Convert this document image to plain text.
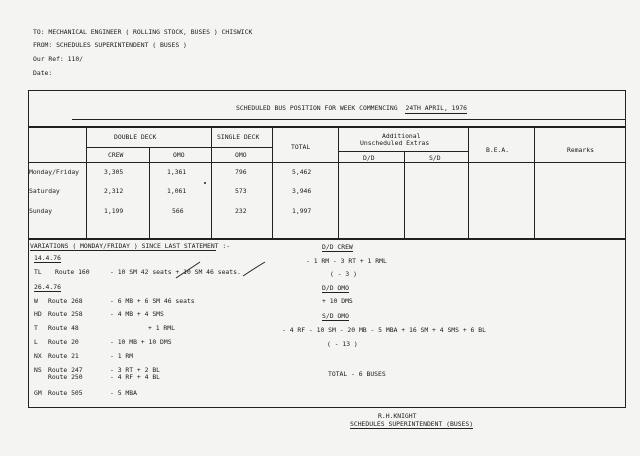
TO: MECHANICAL ENGINEER ( ROLLING STOCK, BUSES ) CHISWICK
FROM: SCHEDULES SUPERINTENDENT ( BUSES )
Our Ref: 110/
Date:
SCHEDULED BUS POSITION FOR WEEK COMMENCING 24TH APRIL, 1976
DOUBLE DECK	SINGLE DECK
TOTAL
Additional
Unscheduled Extras
B.E.A.	Remarks
CREW	OMO	OMO	D/D	S/D
Monday/Friday	3,305	1,361	796	5,462
Saturday	2,312	1,061	573	3,946
Sunday	1,199	566	232	1,997
VARIATIONS ( MONDAY/FRIDAY ) SINCE LAST STATEMENT :-
14.4.76
TL Route 160	- 10 SM 42 seats + 10 SM 46 seats.
26.4.76
W Route 268	- 6 MB + 6 SM 46 seats
HD Route 258	- 4 MB + 4 SMS
T Route 48	+ 1 RML
L Route 20	- 10 MB + 10 DMS
NX Route 21	- 1 RM
NS Route 247	- 3 RT + 2 BL
Route 250	- 4 RF + 4 BL
GM Route 505	- 5 MBA
D/D CREW
- 1 RM - 3 RT + 1 RML
( - 3 )
D/D OMO
+ 10 DMS
S/D OMO
- 4 RF - 10 SM - 20 MB - 5 MBA + 16 SM + 4 SMS + 6 BL
( - 13 )
TOTAL - 6 BUSES
R.H.KNIGHT
SCHEDULES SUPERINTENDENT (BUSES)
